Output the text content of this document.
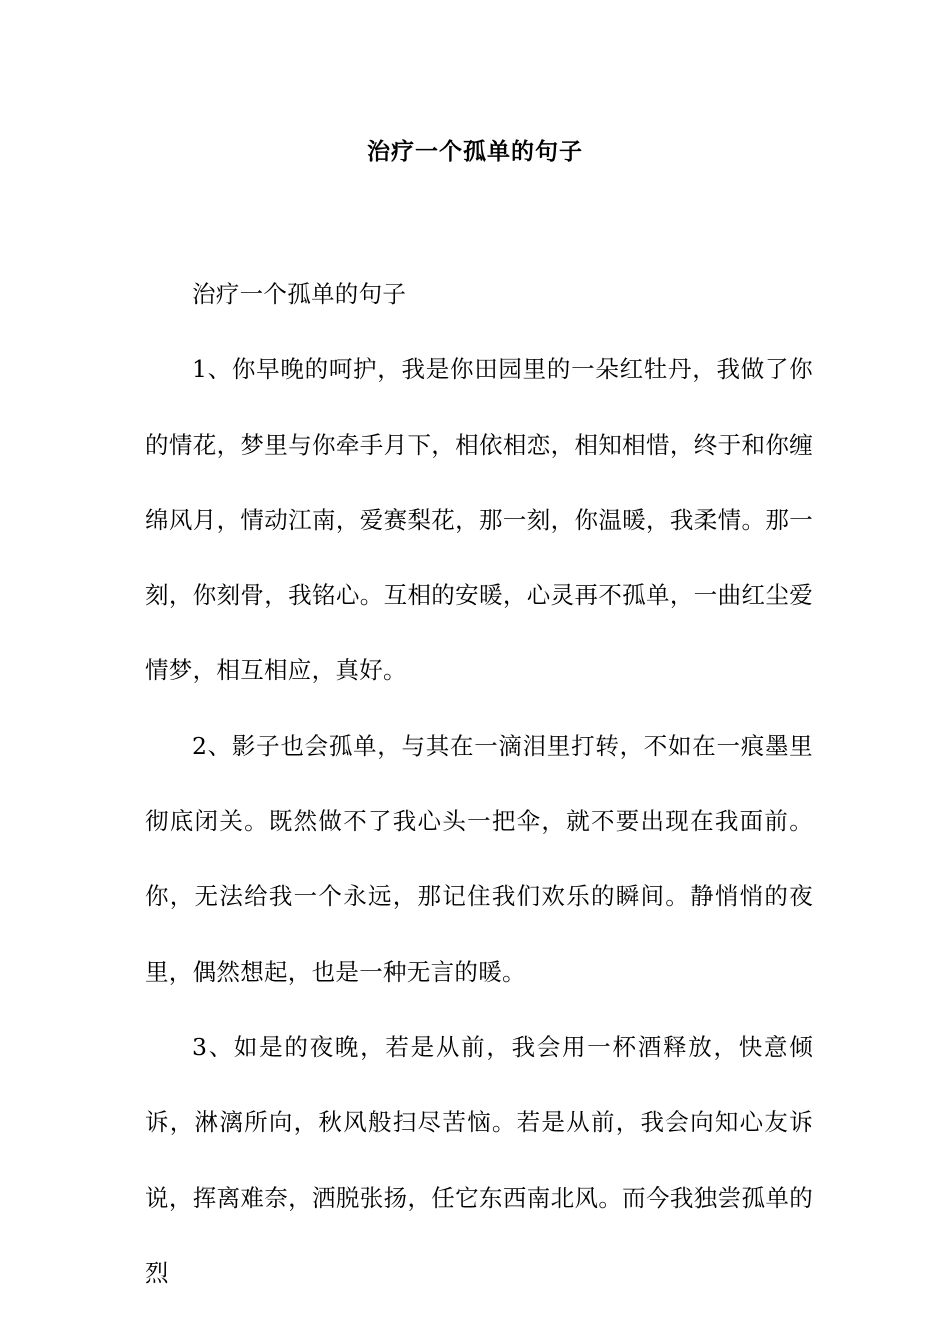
治疗一个孤单的句子

治疗一个孤单的句子

1、你早晚的呵护，我是你田园里的一朵红牡丹，我做了你的情花，梦里与你牵手月下，相依相恋，相知相惜，终于和你缠绵风月，情动江南，爱赛梨花，那一刻，你温暖，我柔情。那一刻，你刻骨，我铭心。互相的安暖，心灵再不孤单，一曲红尘爱情梦，相互相应，真好。

2、影子也会孤单，与其在一滴泪里打转，不如在一痕墨里彻底闭关。既然做不了我心头一把伞，就不要出现在我面前。你，无法给我一个永远，那记住我们欢乐的瞬间。静悄悄的夜里，偶然想起，也是一种无言的暖。

3、如是的夜晚，若是从前，我会用一杯酒释放，快意倾诉，淋漓所向，秋风般扫尽苦恼。若是从前，我会向知心友诉说，挥离难奈，洒脱张扬，任它东西南北风。而今我独尝孤单的烈
